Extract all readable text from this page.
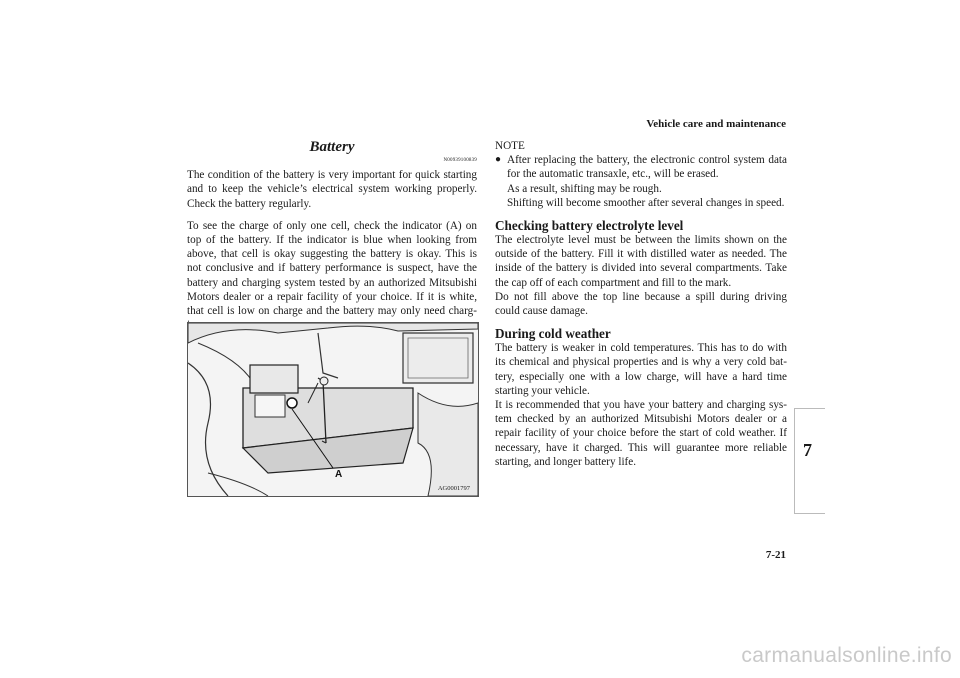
Vehicle care and maintenance
Battery
N00939100839

The condition of the battery is very important for quick starting and to keep the vehicle’s electrical system working properly. Check the battery regularly.

To see the charge of only one cell, check the indicator (A) on top of the battery. If the indicator is blue when looking from above, that cell is okay suggesting the battery is okay. This is not conclusive and if battery performance is suspect, have the battery and charging system tested by an authorized Mitsubishi Motors dealer or a repair facility of your choice. If it is white, that cell is low on charge and the battery may only need charg-

A
AG0001797
NOTE
● After replacing the battery, the electronic control system data for the automatic transaxle, etc., will be erased.
As a result, shifting may be rough.
Shifting will become smoother after several changes in speed.
Checking battery electrolyte level
The electrolyte level must be between the limits shown on the outside of the battery. Fill it with distilled water as needed. The inside of the battery is divided into several compartments. Take the cap off of each compartment and fill to the mark.

Do not fill above the top line because a spill during driving could cause damage.

During cold weather
The battery is weaker in cold temperatures. This has to do with its chemical and physical properties and is why a very cold bat-tery, especially one with a low charge, will have a hard time starting your vehicle.

It is recommended that you have your battery and charging sys-tem checked by an authorized Mitsubishi Motors dealer or a repair facility of your choice before the start of cold weather. If necessary, have it charged. This will guarantee more reliable starting, and longer battery life.

7
7-21
carmanualsonline.info
